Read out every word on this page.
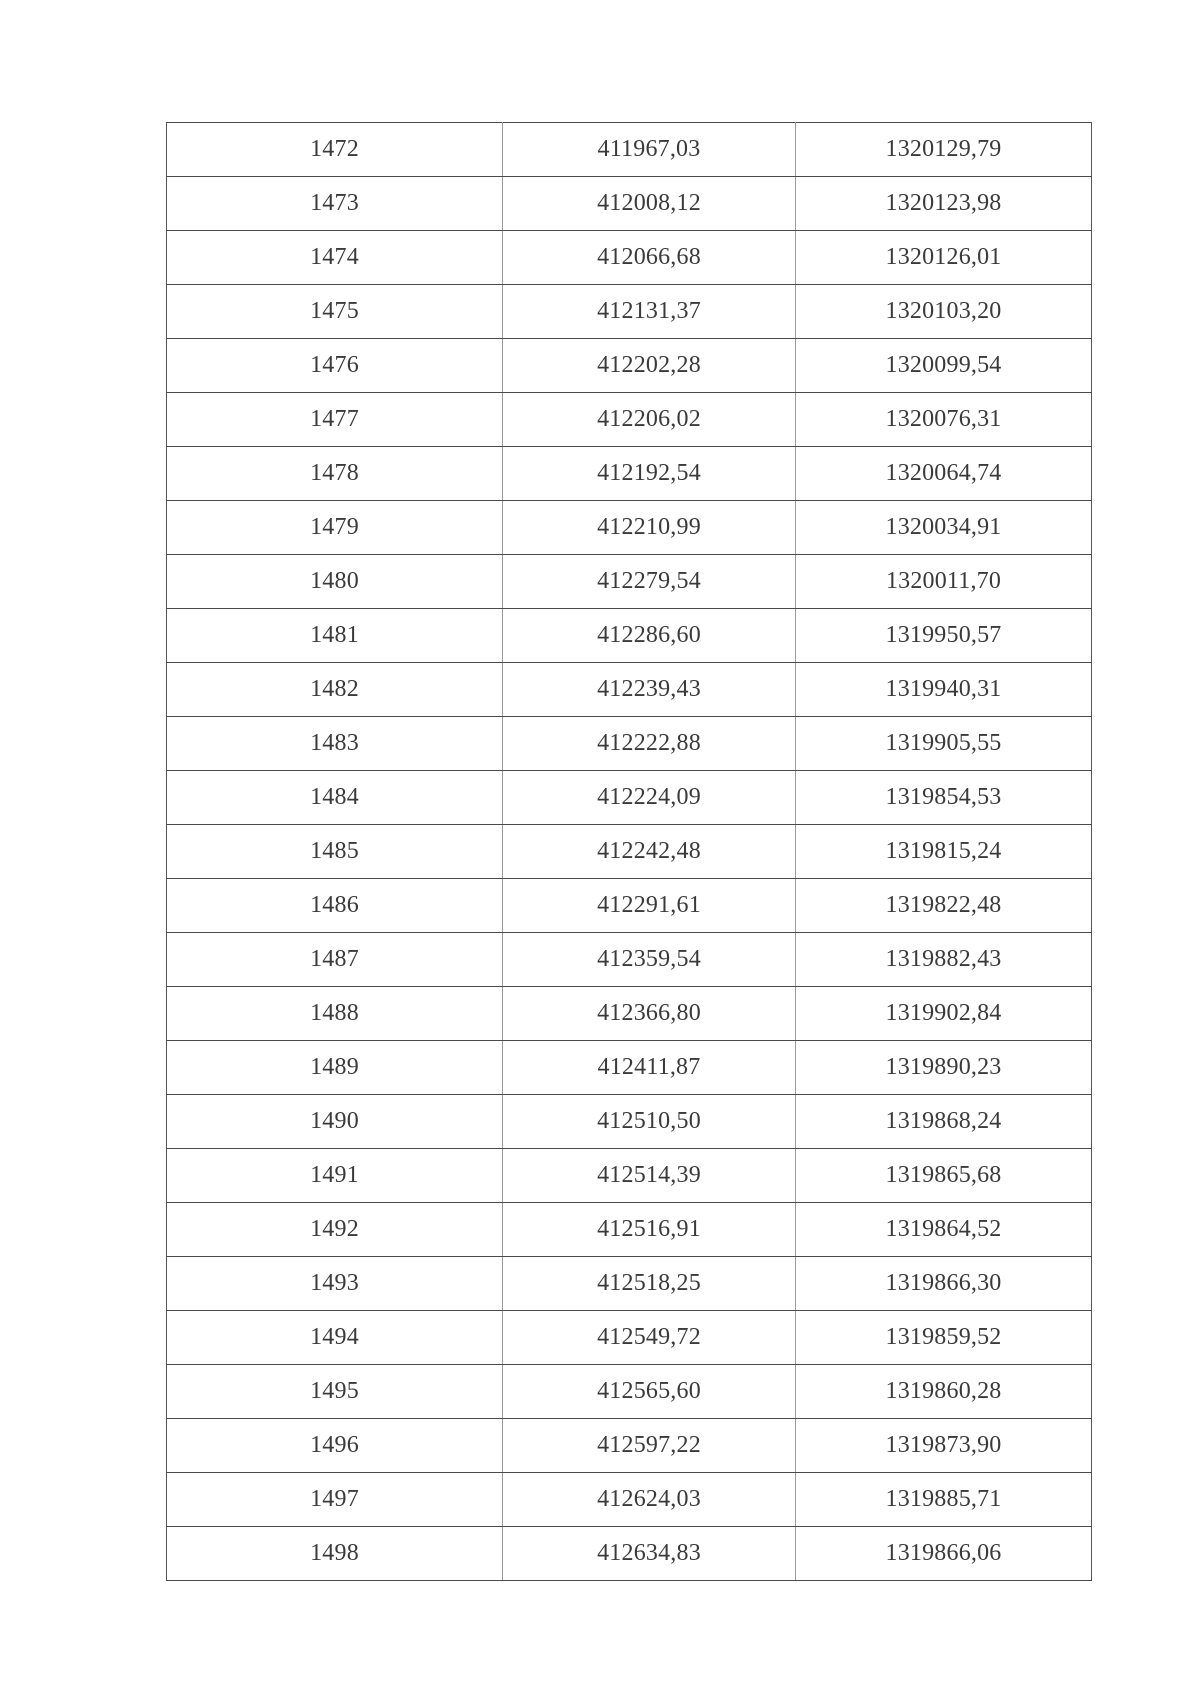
1472	411967,03	1320129,79
1473	412008,12	1320123,98
1474	412066,68	1320126,01
1475	412131,37	1320103,20
1476	412202,28	1320099,54
1477	412206,02	1320076,31
1478	412192,54	1320064,74
1479	412210,99	1320034,91
1480	412279,54	1320011,70
1481	412286,60	1319950,57
1482	412239,43	1319940,31
1483	412222,88	1319905,55
1484	412224,09	1319854,53
1485	412242,48	1319815,24
1486	412291,61	1319822,48
1487	412359,54	1319882,43
1488	412366,80	1319902,84
1489	412411,87	1319890,23
1490	412510,50	1319868,24
1491	412514,39	1319865,68
1492	412516,91	1319864,52
1493	412518,25	1319866,30
1494	412549,72	1319859,52
1495	412565,60	1319860,28
1496	412597,22	1319873,90
1497	412624,03	1319885,71
1498	412634,83	1319866,06
